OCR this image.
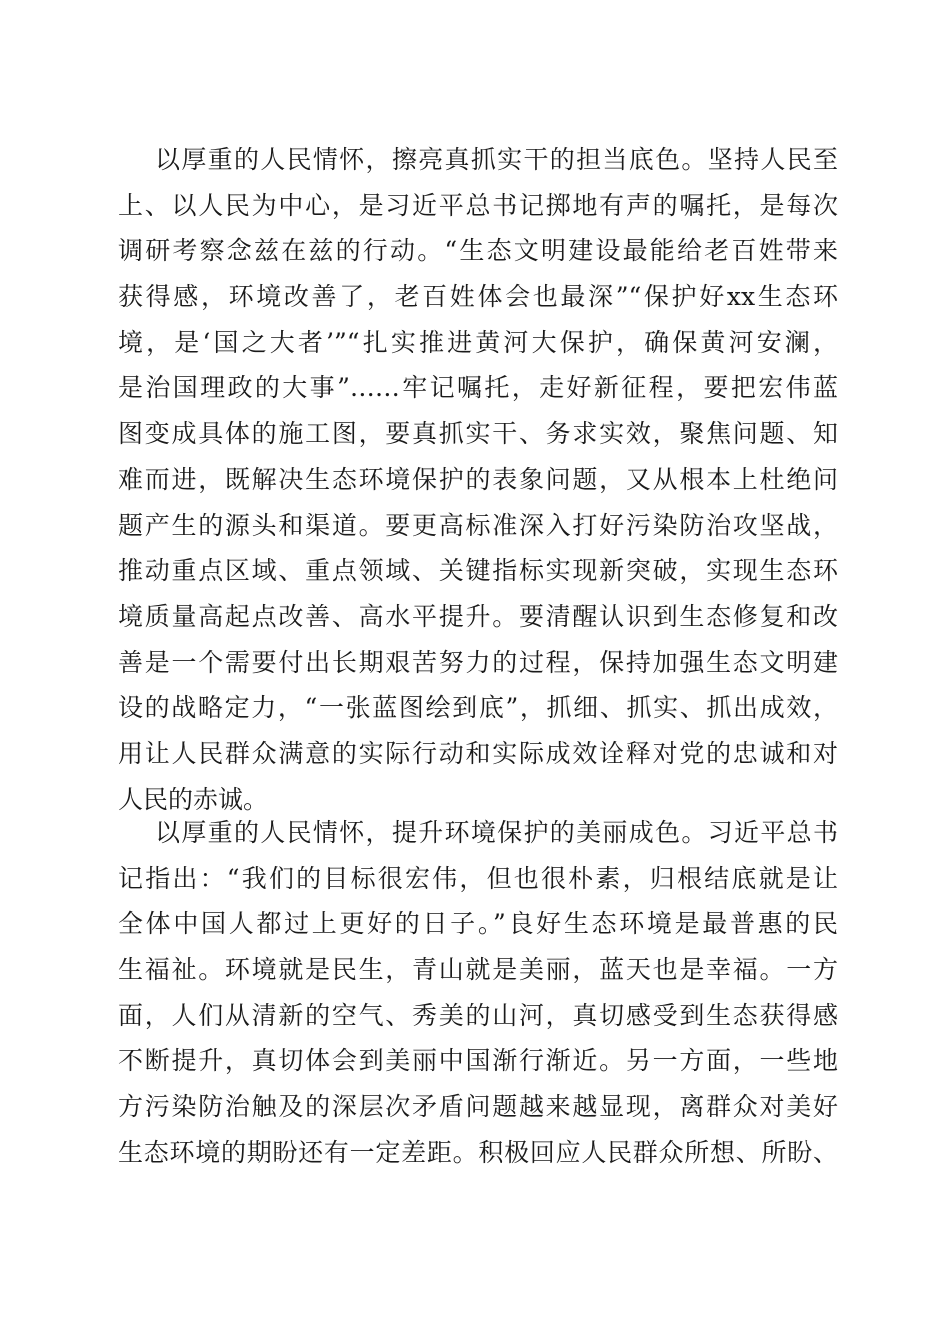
以厚重的人民情怀，擦亮真抓实干的担当底色。坚持人民至
上、以人民为中心，是习近平总书记掷地有声的嘱托，是每次
调研考察念兹在兹的行动。“生态文明建设最能给老百姓带来
获得感，环境改善了，老百姓体会也最深”“保护好xx生态环
境，是‘国之大者’”“扎实推进黄河大保护，确保黄河安澜，
是治国理政的大事”……牢记嘱托，走好新征程，要把宏伟蓝
图变成具体的施工图，要真抓实干、务求实效，聚焦问题、知
难而进，既解决生态环境保护的表象问题，又从根本上杜绝问
题产生的源头和渠道。要更高标准深入打好污染防治攻坚战，
推动重点区域、重点领域、关键指标实现新突破，实现生态环
境质量高起点改善、高水平提升。要清醒认识到生态修复和改
善是一个需要付出长期艰苦努力的过程，保持加强生态文明建
设的战略定力，“一张蓝图绘到底”，抓细、抓实、抓出成效，
用让人民群众满意的实际行动和实际成效诠释对党的忠诚和对
人民的赤诚。
以厚重的人民情怀，提升环境保护的美丽成色。习近平总书
记指出：“我们的目标很宏伟，但也很朴素，归根结底就是让
全体中国人都过上更好的日子。”良好生态环境是最普惠的民
生福祉。环境就是民生，青山就是美丽，蓝天也是幸福。一方
面，人们从清新的空气、秀美的山河，真切感受到生态获得感
不断提升，真切体会到美丽中国渐行渐近。另一方面，一些地
方污染防治触及的深层次矛盾问题越来越显现，离群众对美好
生态环境的期盼还有一定差距。积极回应人民群众所想、所盼、
